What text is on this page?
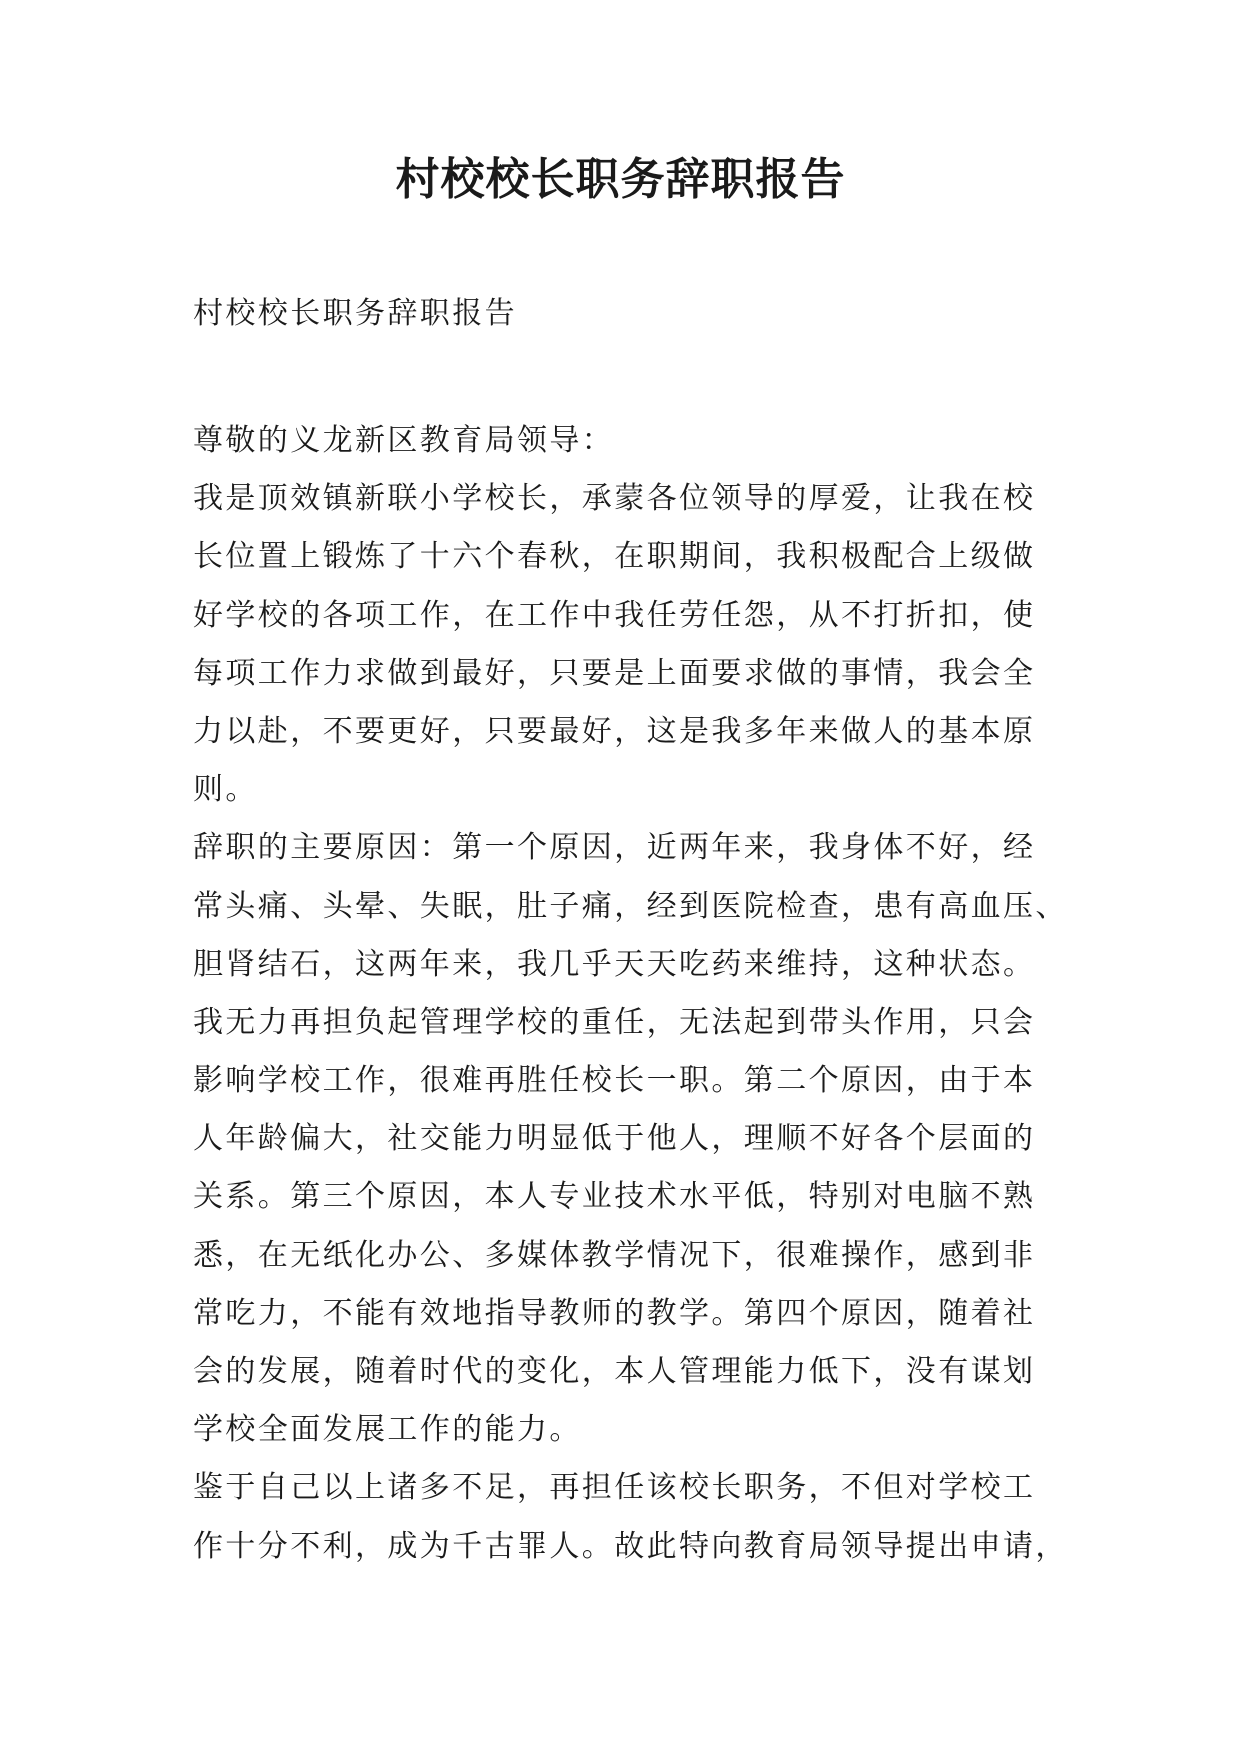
村校校长职务辞职报告

村校校长职务辞职报告

尊敬的义龙新区教育局领导：
我是顶效镇新联小学校长，承蒙各位领导的厚爱，让我在校
长位置上锻炼了十六个春秋，在职期间，我积极配合上级做
好学校的各项工作，在工作中我任劳任怨，从不打折扣，使
每项工作力求做到最好，只要是上面要求做的事情，我会全
力以赴，不要更好，只要最好，这是我多年来做人的基本原
则。
辞职的主要原因：第一个原因，近两年来，我身体不好，经
常头痛、头晕、失眠，肚子痛，经到医院检查，患有高血压、
胆肾结石，这两年来，我几乎天天吃药来维持，这种状态。
我无力再担负起管理学校的重任，无法起到带头作用，只会
影响学校工作，很难再胜任校长一职。第二个原因，由于本
人年龄偏大，社交能力明显低于他人，理顺不好各个层面的
关系。第三个原因，本人专业技术水平低，特别对电脑不熟
悉，在无纸化办公、多媒体教学情况下，很难操作，感到非
常吃力，不能有效地指导教师的教学。第四个原因，随着社
会的发展，随着时代的变化，本人管理能力低下，没有谋划
学校全面发展工作的能力。
鉴于自己以上诸多不足，再担任该校长职务，不但对学校工
作十分不利，成为千古罪人。故此特向教育局领导提出申请，
